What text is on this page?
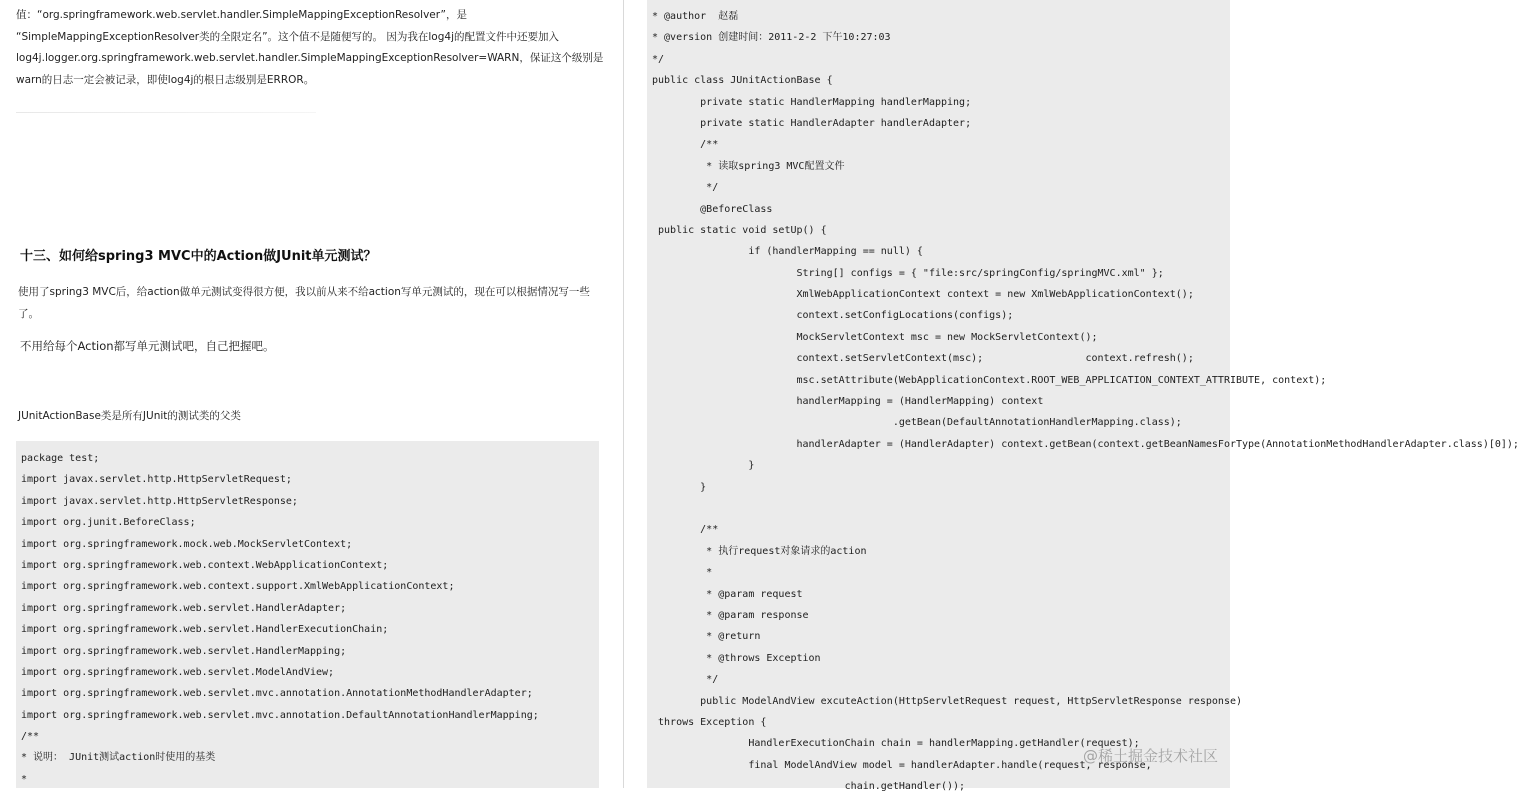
值：“org.springframework.web.servlet.handler.SimpleMappingExceptionResolver”，是
“SimpleMappingExceptionResolver类的全限定名”。这个值不是随便写的。 因为我在log4j的配置文件中还要加入
log4j.logger.org.springframework.web.servlet.handler.SimpleMappingExceptionResolver=WARN，保证这个级别是
warn的日志一定会被记录，即使log4j的根日志级别是ERROR。
十三、如何给spring3 MVC中的Action做JUnit单元测试？
使用了spring3 MVC后，给action做单元测试变得很方便，我以前从来不给action写单元测试的，现在可以根据情况写一些
了。

不用给每个Action都写单元测试吧，自己把握吧。

JUnitActionBase类是所有JUnit的测试类的父类

package test;
import javax.servlet.http.HttpServletRequest;
import javax.servlet.http.HttpServletResponse;
import org.junit.BeforeClass;
import org.springframework.mock.web.MockServletContext;
import org.springframework.web.context.WebApplicationContext;
import org.springframework.web.context.support.XmlWebApplicationContext;
import org.springframework.web.servlet.HandlerAdapter;
import org.springframework.web.servlet.HandlerExecutionChain;
import org.springframework.web.servlet.HandlerMapping;
import org.springframework.web.servlet.ModelAndView;
import org.springframework.web.servlet.mvc.annotation.AnnotationMethodHandlerAdapter;
import org.springframework.web.servlet.mvc.annotation.DefaultAnnotationHandlerMapping;
/**
* 说明： JUnit测试action时使用的基类
*
* @author  赵磊
* @version 创建时间：2011-2-2 下午10:27:03
*/
public class JUnitActionBase {
private static HandlerMapping handlerMapping;
private static HandlerAdapter handlerAdapter;
/**
* 读取spring3 MVC配置文件
*/
@BeforeClass
public static void setUp() {
if (handlerMapping == null) {
String[] configs = { "file:src/springConfig/springMVC.xml" };
XmlWebApplicationContext context = new XmlWebApplicationContext();
context.setConfigLocations(configs);
MockServletContext msc = new MockServletContext();
context.setServletContext(msc);                 context.refresh();
msc.setAttribute(WebApplicationContext.ROOT_WEB_APPLICATION_CONTEXT_ATTRIBUTE, context);
handlerMapping = (HandlerMapping) context
.getBean(DefaultAnnotationHandlerMapping.class);
handlerAdapter = (HandlerAdapter) context.getBean(context.getBeanNamesForType(AnnotationMethodHandlerAdapter.class)[0]);
}
}
/**
* 执行request对象请求的action
*
* @param request
* @param response
* @return
* @throws Exception
*/
public ModelAndView excuteAction(HttpServletRequest request, HttpServletResponse response)
throws Exception {
HandlerExecutionChain chain = handlerMapping.getHandler(request);
final ModelAndView model = handlerAdapter.handle(request, response,
chain.getHandler());
@稀土掘金技术社区
